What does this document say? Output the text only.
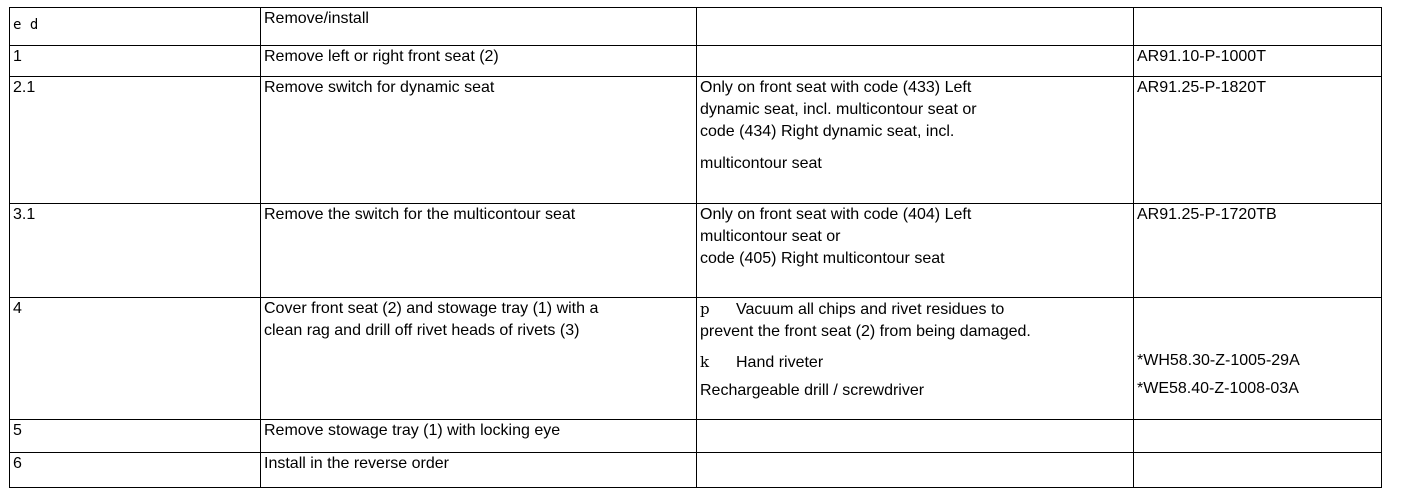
e d	Remove/install		
1	Remove left or right front seat (2)		AR91.10-P-1000T
2.1	Remove switch for dynamic seat	Only on front seat with code (433) Left
dynamic seat, incl. multicontour seat or
code (434) Right dynamic seat, incl.
multicontour seat	AR91.25-P-1820T
3.1	Remove the switch for the multicontour seat	Only on front seat with code (404) Left
multicontour seat or
code (405) Right multicontour seat	AR91.25-P-1720TB
4	Cover front seat (2) and stowage tray (1) with a
clean rag and drill off rivet heads of rivets (3)	p Vacuum all chips and rivet residues to
prevent the front seat (2) from being damaged.
k Hand riveter
Rechargeable drill / screwdriver	*WH58.30-Z-1005-29A
*WE58.40-Z-1008-03A

5	Remove stowage tray (1) with locking eye		
6	Install in the reverse order		
